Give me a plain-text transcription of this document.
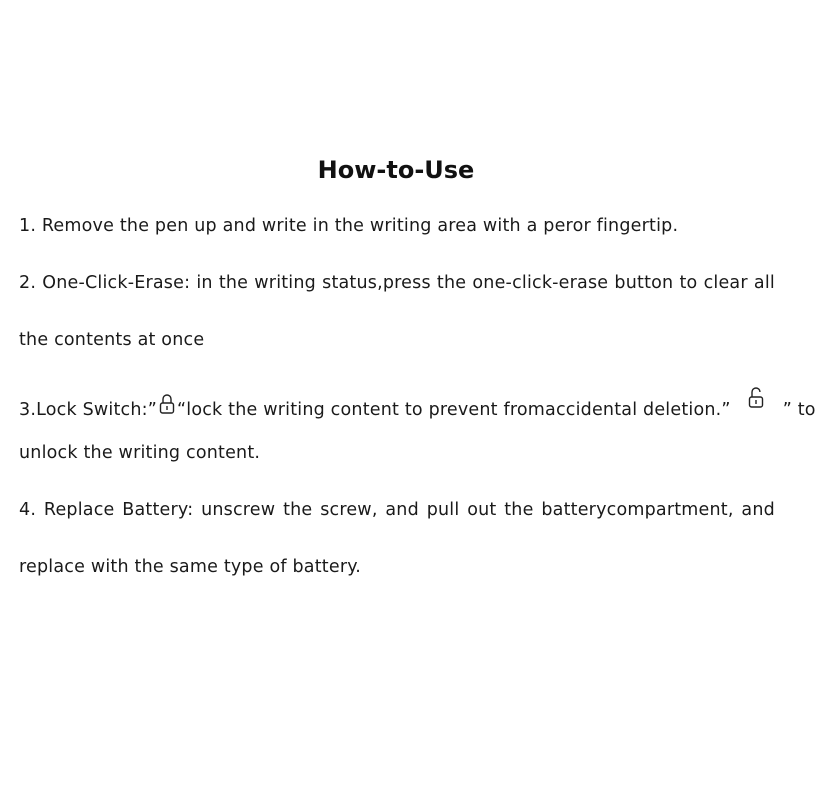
How-to-Use
1. Remove the pen up and write in the writing area with a peror fingertip.
2. One-Click-Erase: in the writing status,press the one-click-erase button to clear all
the contents at once
3.Lock Switch:” “lock the writing content to prevent fromaccidental deletion.”	” to
unlock the writing content.
4. Replace Battery: unscrew the screw, and pull out the batterycompartment, and
replace with the same type of battery.
